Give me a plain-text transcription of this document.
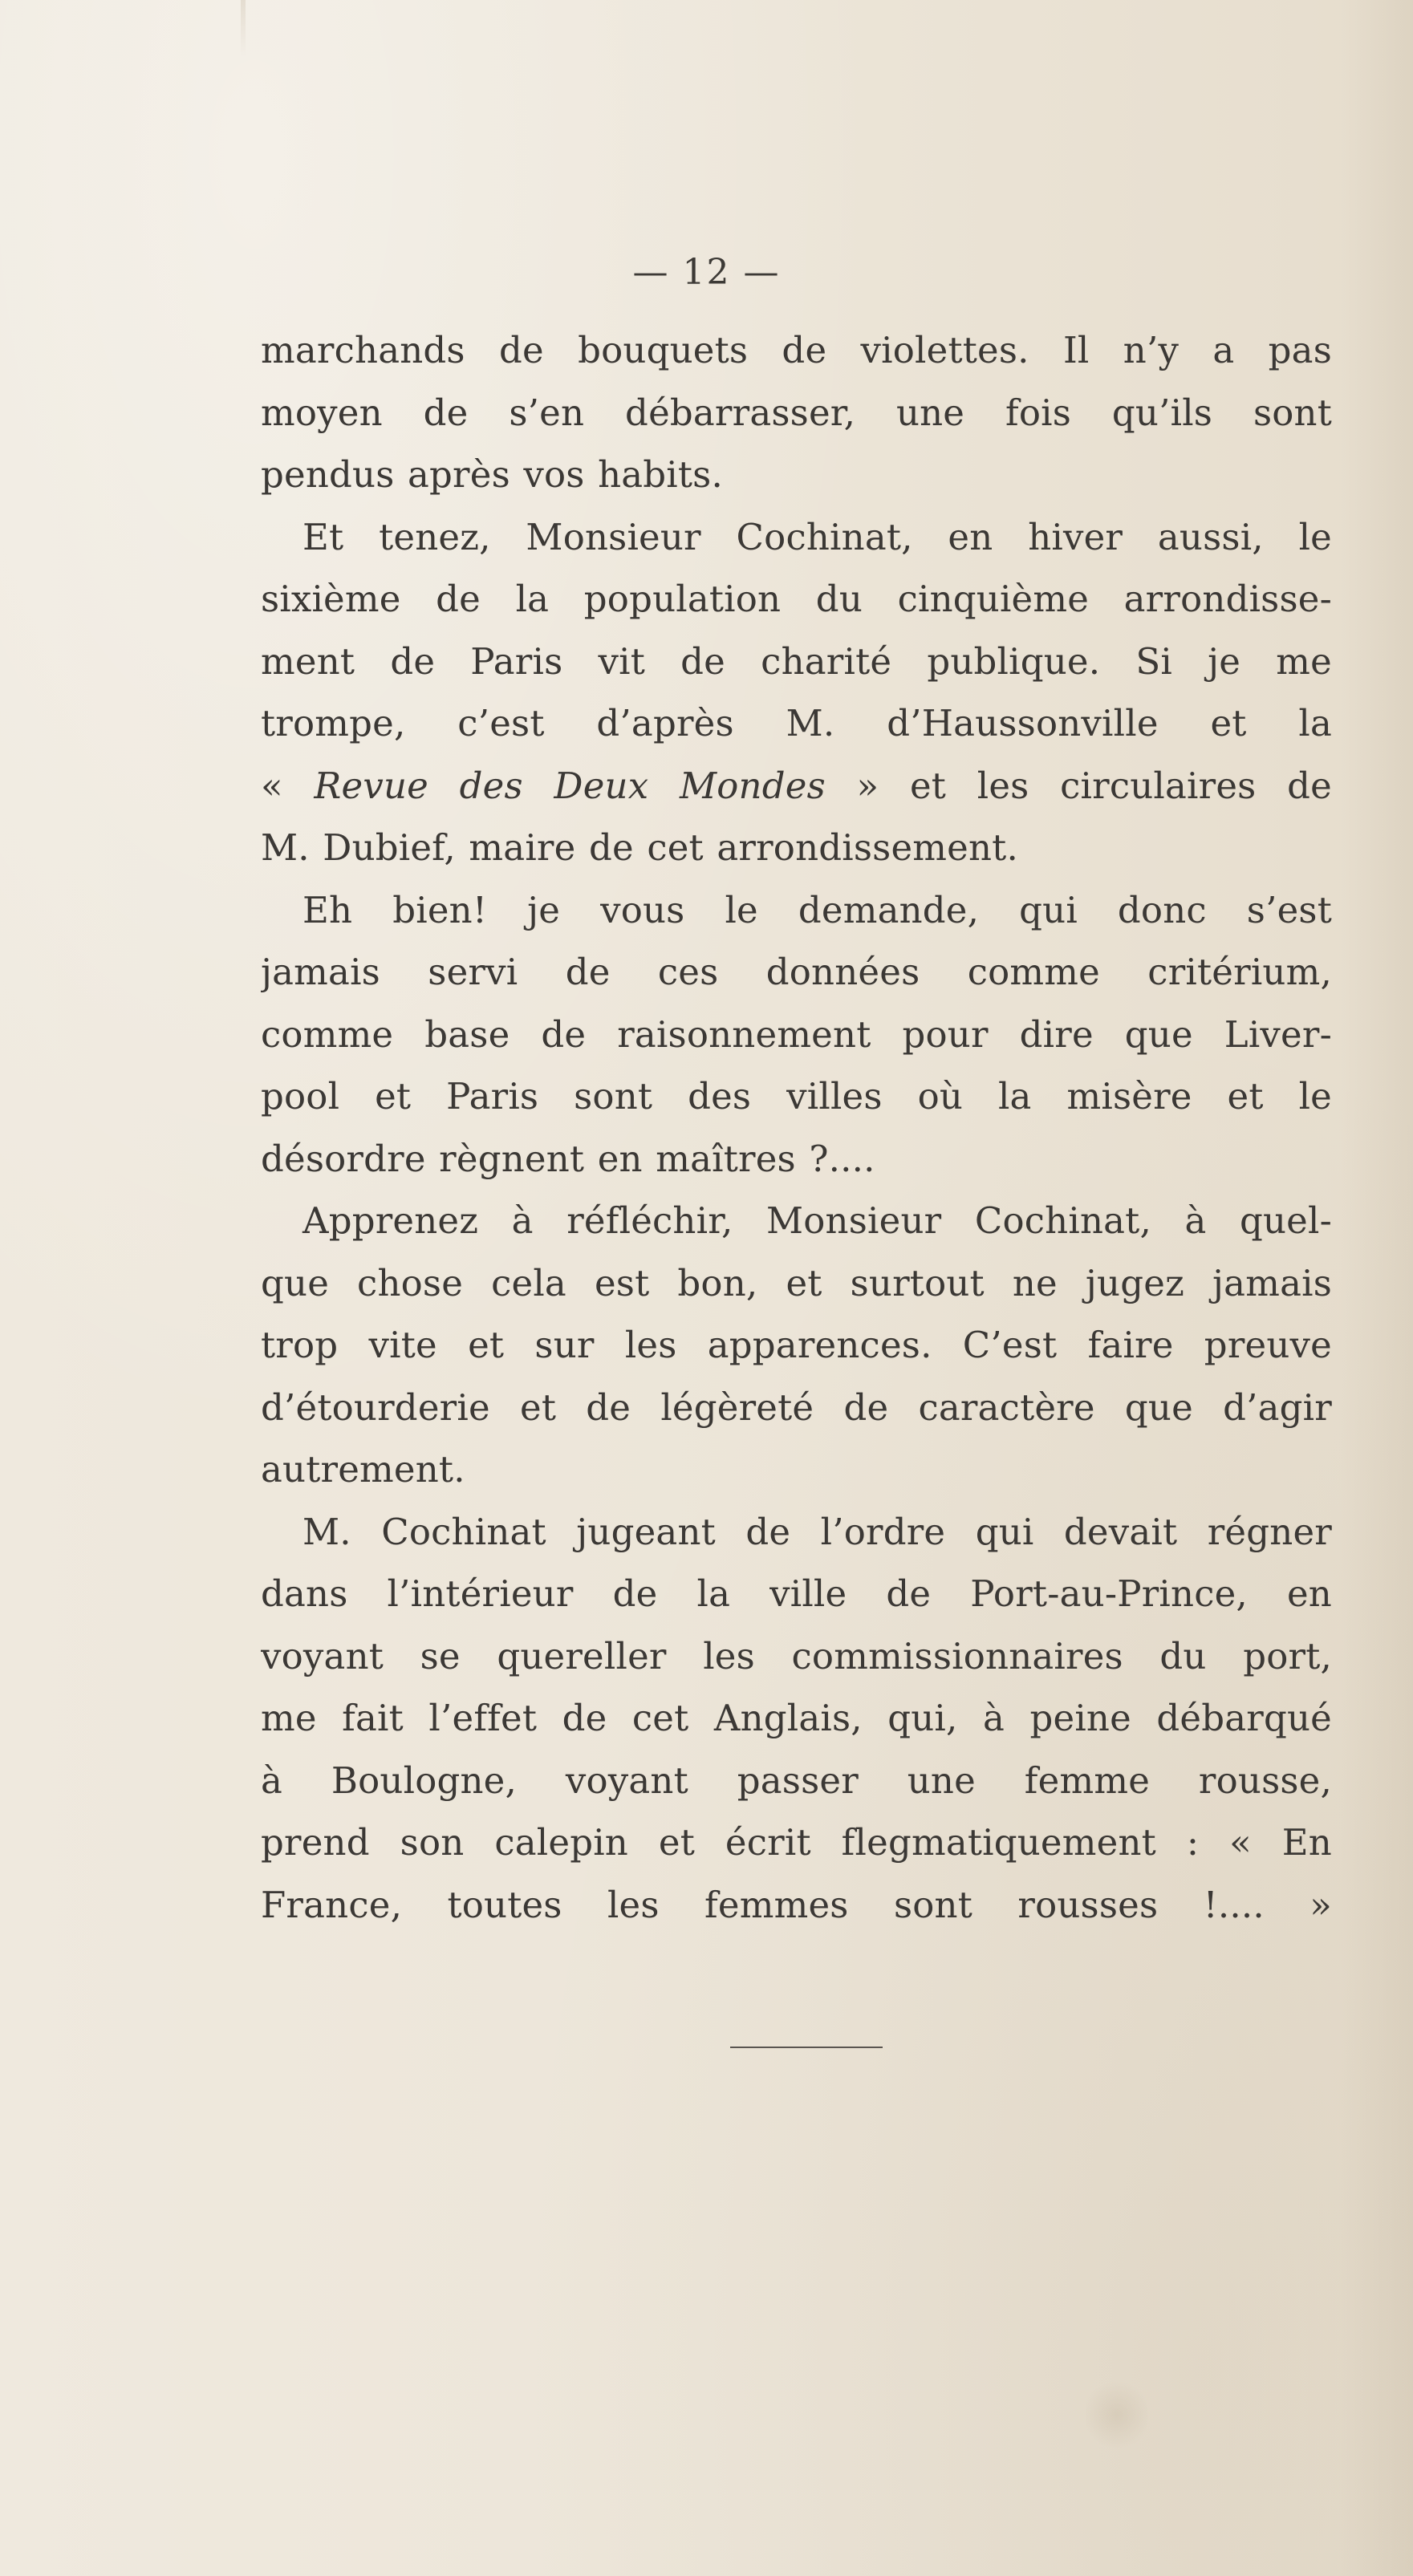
— 12 —
marchands de bouquets de violettes. Il n’y a pas
moyen de s’en débarrasser, une fois qu’ils sont
pendus après vos habits.
Et tenez, Monsieur Cochinat, en hiver aussi, le
sixième de la population du cinquième arrondisse-
ment de Paris vit de charité publique. Si je me
trompe, c’est d’après M. d’Haussonville et la
« Revue des Deux Mondes » et les circulaires de
M. Dubief, maire de cet arrondissement.
Eh bien! je vous le demande, qui donc s’est
jamais servi de ces données comme critérium,
comme base de raisonnement pour dire que Liver-
pool et Paris sont des villes où la misère et le
désordre règnent en maîtres ?....
Apprenez à réfléchir, Monsieur Cochinat, à quel-
que chose cela est bon, et surtout ne jugez jamais
trop vite et sur les apparences. C’est faire preuve
d’étourderie et de légèreté de caractère que d’agir
autrement.
M. Cochinat jugeant de l’ordre qui devait régner
dans l’intérieur de la ville de Port-au-Prince, en
voyant se quereller les commissionnaires du port,
me fait l’effet de cet Anglais, qui, à peine débarqué
à Boulogne, voyant passer une femme rousse,
prend son calepin et écrit flegmatiquement : « En
France, toutes les femmes sont rousses !.... »
